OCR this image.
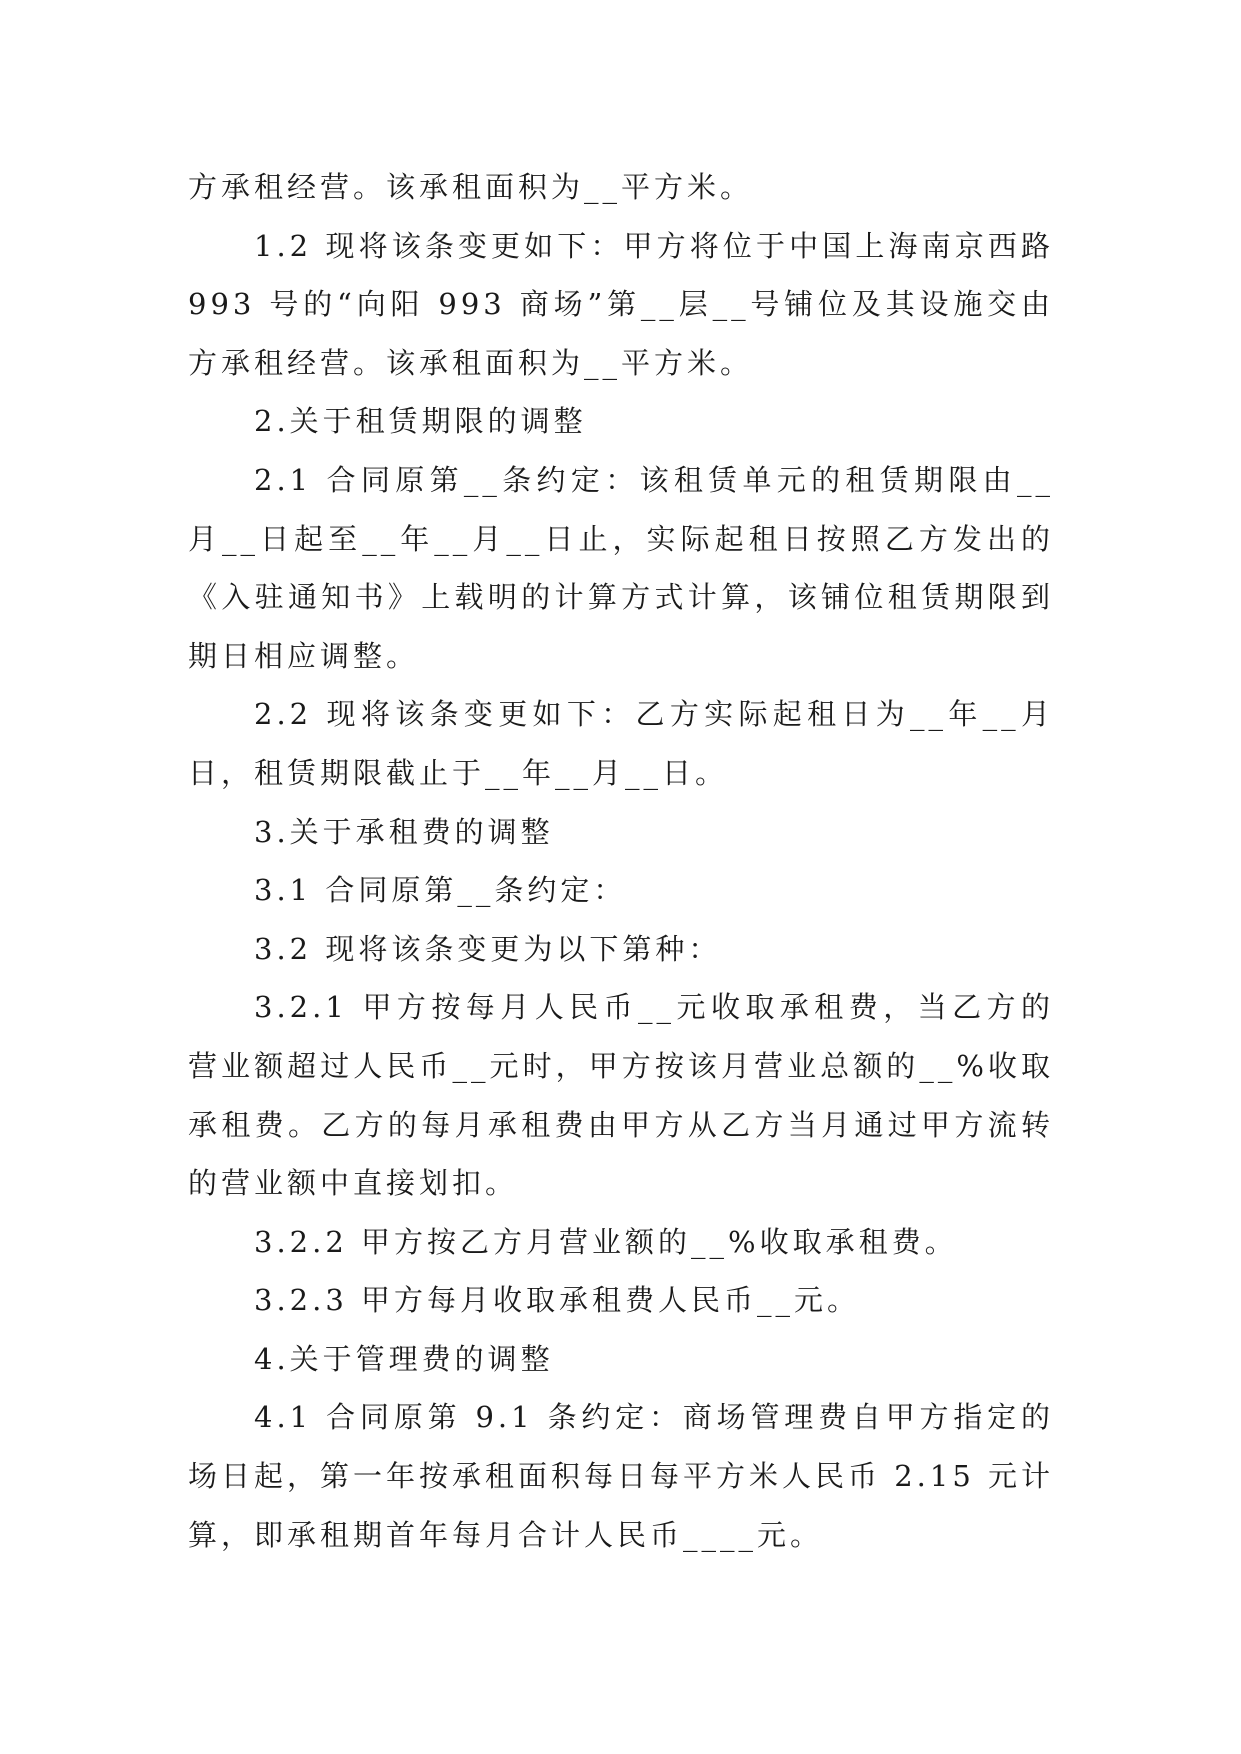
方承租经营。该承租面积为__平方米。
1.2 现将该条变更如下：甲方将位于中国上海南京西路
993 号的“向阳 993 商场”第__层__号铺位及其设施交由
方承租经营。该承租面积为__平方米。
2.关于租赁期限的调整
2.1 合同原第__条约定：该租赁单元的租赁期限由__
月__日起至__年__月__日止，实际起租日按照乙方发出的
《入驻通知书》上载明的计算方式计算，该铺位租赁期限到
期日相应调整。
2.2 现将该条变更如下：乙方实际起租日为__年__月
日，租赁期限截止于__年__月__日。
3.关于承租费的调整
3.1 合同原第__条约定：
3.2 现将该条变更为以下第种：
3.2.1 甲方按每月人民币__元收取承租费，当乙方的
营业额超过人民币__元时，甲方按该月营业总额的__%收取
承租费。乙方的每月承租费由甲方从乙方当月通过甲方流转
的营业额中直接划扣。
3.2.2 甲方按乙方月营业额的__%收取承租费。
3.2.3 甲方每月收取承租费人民币__元。
4.关于管理费的调整
4.1 合同原第 9.1 条约定：商场管理费自甲方指定的
场日起，第一年按承租面积每日每平方米人民币 2.15 元计
算，即承租期首年每月合计人民币____元。
